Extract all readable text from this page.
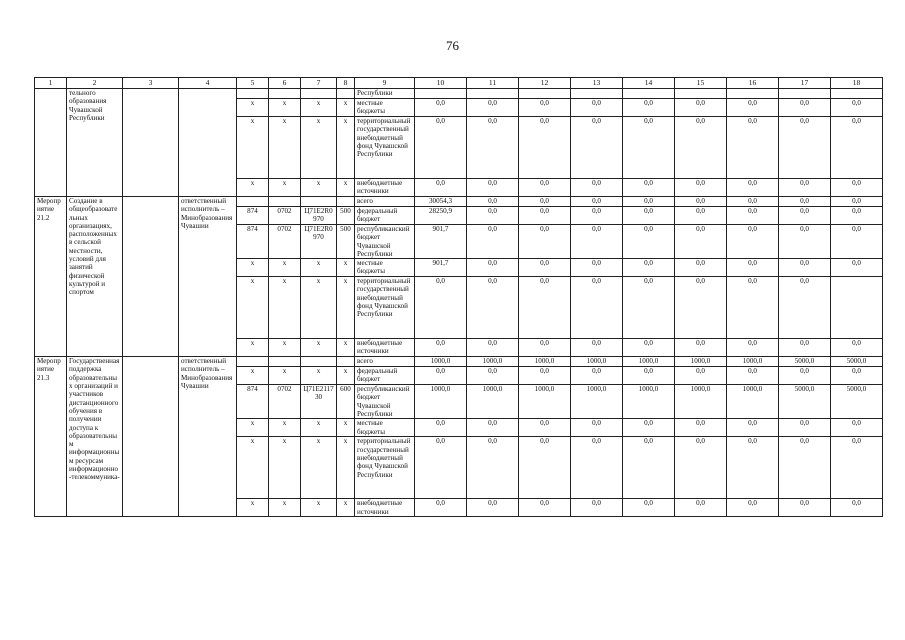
76
1	2	3	4	5	6	7	8	9	10	11	12	13	14	15	16	17	18
	тельного образования Чувашской Республики							Республики									
				x	x	x	x	местные бюджеты	0,0	0,0	0,0	0,0	0,0	0,0	0,0	0,0	0,0
				x	x	x	x	территориальный государственный внебюджетный фонд Чувашской Республики	0,0	0,0	0,0	0,0	0,0	0,0	0,0	0,0	0,0
				x	x	x	x	внебюджетные источники	0,0	0,0	0,0	0,0	0,0	0,0	0,0	0,0	0,0
Мероприятие 21.2	Создание в общеобразовательных организациях, расположенных в сельской местности, условий для занятий физической культурой и спортом		ответственный исполнитель – Минобразования Чувашии					всего	30054,3	0,0	0,0	0,0	0,0	0,0	0,0	0,0	0,0
				874	0702	Ц71Е2R0970	500	федеральный бюджет	28250,9	0,0	0,0	0,0	0,0	0,0	0,0	0,0	0,0
				874	0702	Ц71Е2R0970	500	республиканский бюджет Чувашской Республики	901,7	0,0	0,0	0,0	0,0	0,0	0,0	0,0	0,0
				x	x	x	x	местные бюджеты	901,7	0,0	0,0	0,0	0,0	0,0	0,0	0,0	0,0
				x	x	x	x	территориальный государственный внебюджетный фонд Чувашской Республики	0,0	0,0	0,0	0,0	0,0	0,0	0,0	0,0	
				x	x	x	x	внебюджетные источники	0,0	0,0	0,0	0,0	0,0	0,0	0,0	0,0	0,0
Мероприятие 21.3	Государственная поддержка образовательных организаций и участников дистанционного обучения в получении доступа к образовательным информационным ресурсам информационно-телекоммуника-		ответственный исполнитель – Минобразования Чувашии					всего	1000,0	1000,0	1000,0	1000,0	1000,0	1000,0	1000,0	5000,0	5000,0
				x	x	x	x	федеральный бюджет	0,0	0,0	0,0	0,0	0,0	0,0	0,0	0,0	0,0
				874	0702	Ц71Е211730	600	республиканский бюджет Чувашской Республики	1000,0	1000,0	1000,0	1000,0	1000,0	1000,0	1000,0	5000,0	5000,0
				x	x	x	x	местные бюджеты	0,0	0,0	0,0	0,0	0,0	0,0	0,0	0,0	0,0
				x	x	x	x	территориальный государственный внебюджетный фонд Чувашской Республики	0,0	0,0	0,0	0,0	0,0	0,0	0,0	0,0	0,0
				x	x	x	x	внебюджетные источники	0,0	0,0	0,0	0,0	0,0	0,0	0,0	0,0	0,0
